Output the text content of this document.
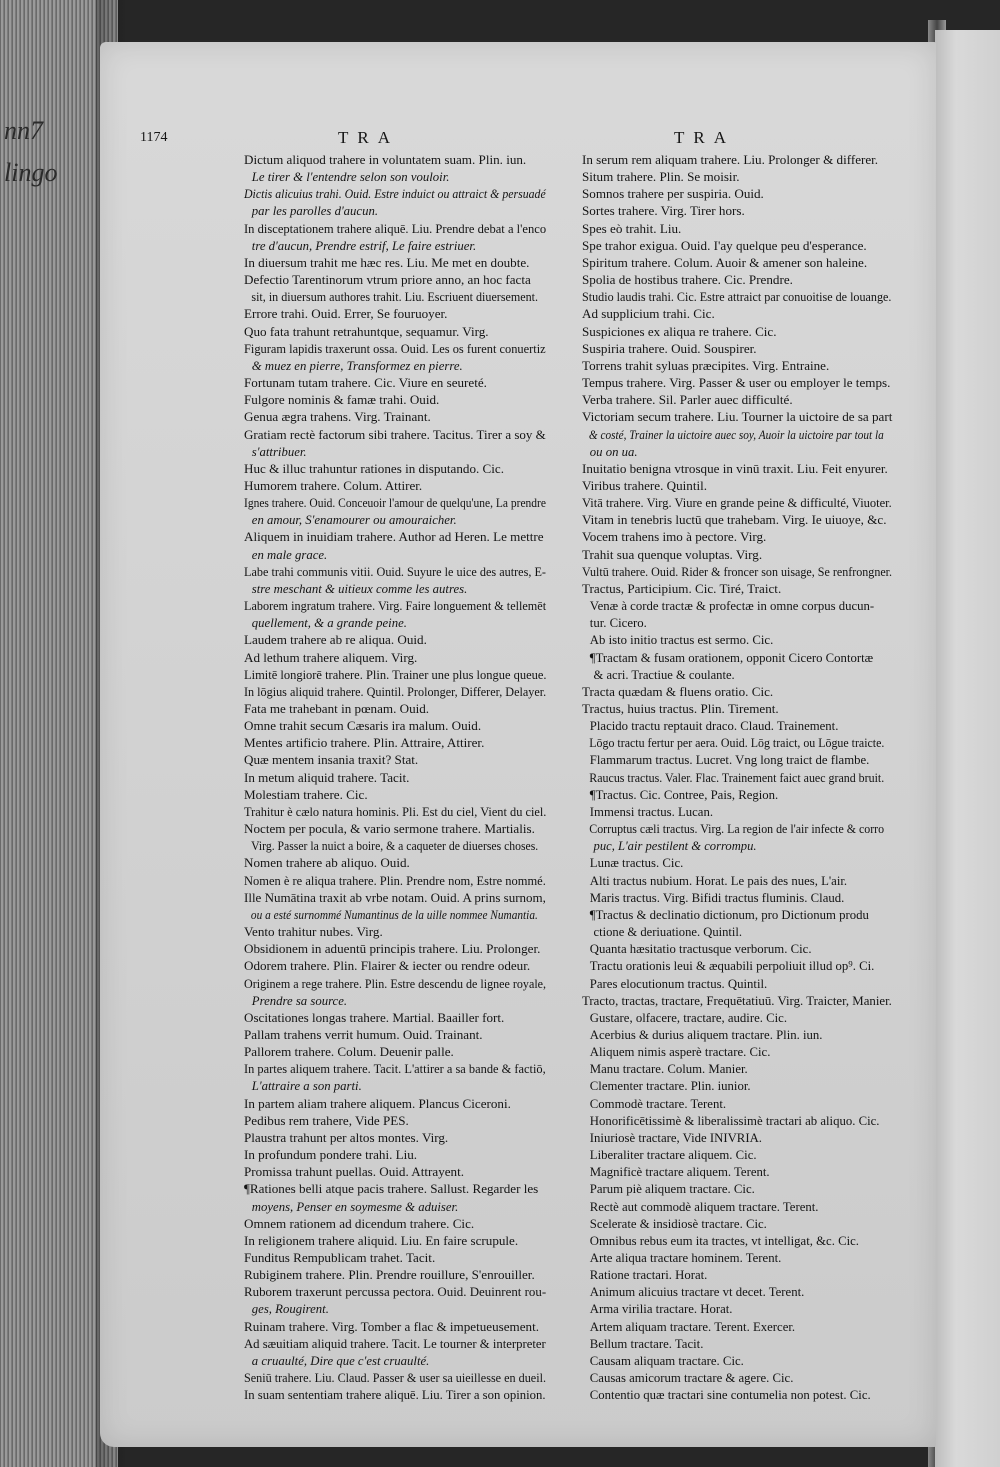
nn7
lingo
1174	TRA	TRA
Dictum aliquod trahere in voluntatem suam. Plin. iun.
Le tirer & l'entendre selon son vouloir.
Dictis alicuius trahi. Ouid. Estre induict ou attraict & persuadé
par les parolles d'aucun.
In disceptationem trahere aliquē. Liu. Prendre debat a l'enco
tre d'aucun, Prendre estrif, Le faire estriuer.
In diuersum trahit me hæc res. Liu. Me met en doubte.
Defectio Tarentinorum vtrum priore anno, an hoc facta
sit, in diuersum authores trahit. Liu. Escriuent diuersement.
Errore trahi. Ouid. Errer, Se fouruoyer.
Quo fata trahunt retrahuntque, sequamur. Virg.
Figuram lapidis traxerunt ossa. Ouid. Les os furent conuertiz
& muez en pierre, Transformez en pierre.
Fortunam tutam trahere. Cic. Viure en seureté.
Fulgore nominis & famæ trahi. Ouid.
Genua ægra trahens. Virg. Trainant.
Gratiam rectè factorum sibi trahere. Tacitus. Tirer a soy &
s'attribuer.
Huc & illuc trahuntur rationes in disputando. Cic.
Humorem trahere. Colum. Attirer.
Ignes trahere. Ouid. Conceuoir l'amour de quelqu'une, La prendre
en amour, S'enamourer ou amouraicher.
Aliquem in inuidiam trahere. Author ad Heren. Le mettre
en male grace.
Labe trahi communis vitii. Ouid. Suyure le uice des autres, E-
stre meschant & uitieux comme les autres.
Laborem ingratum trahere. Virg. Faire longuement & tellemēt
quellement, & a grande peine.
Laudem trahere ab re aliqua. Ouid.
Ad lethum trahere aliquem. Virg.
Limitē longiorē trahere. Plin. Trainer une plus longue queue.
In lōgius aliquid trahere. Quintil. Prolonger, Differer, Delayer.
Fata me trahebant in pœnam. Ouid.
Omne trahit secum Cæsaris ira malum. Ouid.
Mentes artificio trahere. Plin. Attraire, Attirer.
Quæ mentem insania traxit? Stat.
In metum aliquid trahere. Tacit.
Molestiam trahere. Cic.
Trahitur è cælo natura hominis. Pli. Est du ciel, Vient du ciel.
Noctem per pocula, & vario sermone trahere. Martialis.
Virg. Passer la nuict a boire, & a caqueter de diuerses choses.
Nomen trahere ab aliquo. Ouid.
Nomen è re aliqua trahere. Plin. Prendre nom, Estre nommé.
Ille Numātina traxit ab vrbe notam. Ouid. A prins surnom,
ou a esté surnommé Numantinus de la uille nommee Numantia.
Vento trahitur nubes. Virg.
Obsidionem in aduentū principis trahere. Liu. Prolonger.
Odorem trahere. Plin. Flairer & iecter ou rendre odeur.
Originem a rege trahere. Plin. Estre descendu de lignee royale,
Prendre sa source.
Oscitationes longas trahere. Martial. Baailler fort.
Pallam trahens verrit humum. Ouid. Trainant.
Pallorem trahere. Colum. Deuenir palle.
In partes aliquem trahere. Tacit. L'attirer a sa bande & factiō,
L'attraire a son parti.
In partem aliam trahere aliquem. Plancus Ciceroni.
Pedibus rem trahere, Vide PES.
Plaustra trahunt per altos montes. Virg.
In profundum pondere trahi. Liu.
Promissa trahunt puellas. Ouid. Attrayent.
¶Rationes belli atque pacis trahere. Sallust. Regarder les
moyens, Penser en soymesme & aduiser.
Omnem rationem ad dicendum trahere. Cic.
In religionem trahere aliquid. Liu. En faire scrupule.
Funditus Rempublicam trahet. Tacit.
Rubiginem trahere. Plin. Prendre rouillure, S'enrouiller.
Ruborem traxerunt percussa pectora. Ouid. Deuinrent rou-
ges, Rougirent.
Ruinam trahere. Virg. Tomber a flac & impetueusement.
Ad sæuitiam aliquid trahere. Tacit. Le tourner & interpreter
a cruaulté, Dire que c'est cruaulté.
Seniū trahere. Liu. Claud. Passer & user sa uieillesse en dueil.
In suam sententiam trahere aliquē. Liu. Tirer a son opinion.
In serum rem aliquam trahere. Liu. Prolonger & differer.
Situm trahere. Plin. Se moisir.
Somnos trahere per suspiria. Ouid.
Sortes trahere. Virg. Tirer hors.
Spes eò trahit. Liu.
Spe trahor exigua. Ouid. I'ay quelque peu d'esperance.
Spiritum trahere. Colum. Auoir & amener son haleine.
Spolia de hostibus trahere. Cic. Prendre.
Studio laudis trahi. Cic. Estre attraict par conuoitise de louange.
Ad supplicium trahi. Cic.
Suspiciones ex aliqua re trahere. Cic.
Suspiria trahere. Ouid. Souspirer.
Torrens trahit syluas præcipites. Virg. Entraine.
Tempus trahere. Virg. Passer & user ou employer le temps.
Verba trahere. Sil. Parler auec difficulté.
Victoriam secum trahere. Liu. Tourner la uictoire de sa part
& costé, Trainer la uictoire auec soy, Auoir la uictoire par tout la
ou on ua.
Inuitatio benigna vtrosque in vinū traxit. Liu. Feit enyurer.
Viribus trahere. Quintil.
Vitā trahere. Virg. Viure en grande peine & difficulté, Viuoter.
Vitam in tenebris luctū que trahebam. Virg. Ie uiuoye, &c.
Vocem trahens imo à pectore. Virg.
Trahit sua quenque voluptas. Virg.
Vultū trahere. Ouid. Rider & froncer son uisage, Se renfrongner.
Tractus, Participium. Cic. Tiré, Traict.
Venæ à corde tractæ & profectæ in omne corpus ducun-
tur. Cicero.
Ab isto initio tractus est sermo. Cic.
¶Tractam & fusam orationem, opponit Cicero Contortæ
& acri. Tractiue & coulante.
Tracta quædam & fluens oratio. Cic.
Tractus, huius tractus. Plin. Tirement.
Placido tractu reptauit draco. Claud. Trainement.
Lōgo tractu fertur per aera. Ouid. Lōg traict, ou Lōgue traicte.
Flammarum tractus. Lucret. Vng long traict de flambe.
Raucus tractus. Valer. Flac. Trainement faict auec grand bruit.
¶Tractus. Cic. Contree, Pais, Region.
Immensi tractus. Lucan.
Corruptus cæli tractus. Virg. La region de l'air infecte & corro
puc, L'air pestilent & corrompu.
Lunæ tractus. Cic.
Alti tractus nubium. Horat. Le pais des nues, L'air.
Maris tractus. Virg. Bifidi tractus fluminis. Claud.
¶Tractus & declinatio dictionum, pro Dictionum produ
ctione & deriuatione. Quintil.
Quanta hæsitatio tractusque verborum. Cic.
Tractu orationis leui & æquabili perpoliuit illud op⁹. Ci.
Pares elocutionum tractus. Quintil.
Tracto, tractas, tractare, Frequētatiuū. Virg. Traicter, Manier.
Gustare, olfacere, tractare, audire. Cic.
Acerbius & durius aliquem tractare. Plin. iun.
Aliquem nimis asperè tractare. Cic.
Manu tractare. Colum. Manier.
Clementer tractare. Plin. iunior.
Commodè tractare. Terent.
Honorificētissimè & liberalissimè tractari ab aliquo. Cic.
Iniuriosè tractare, Vide INIVRIA.
Liberaliter tractare aliquem. Cic.
Magnificè tractare aliquem. Terent.
Parum piè aliquem tractare. Cic.
Rectè aut commodè aliquem tractare. Terent.
Scelerate & insidiosè tractare. Cic.
Omnibus rebus eum ita tractes, vt intelligat, &c. Cic.
Arte aliqua tractare hominem. Terent.
Ratione tractari. Horat.
Animum alicuius tractare vt decet. Terent.
Arma virilia tractare. Horat.
Artem aliquam tractare. Terent. Exercer.
Bellum tractare. Tacit.
Causam aliquam tractare. Cic.
Causas amicorum tractare & agere. Cic.
Contentio quæ tractari sine contumelia non potest. Cic.
